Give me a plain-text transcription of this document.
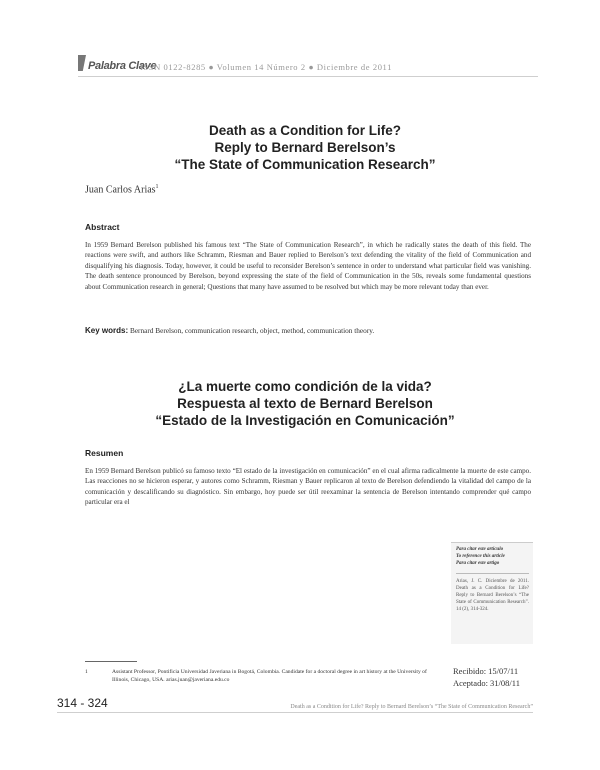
Palabra Clave
ISSN 0122-8285 ● Volumen 14 Número 2 ● Diciembre de 2011
Death as a Condition for Life?
Reply to Bernard Berelson’s
“The State of Communication Research”
Juan Carlos Arias$^1$
Abstract
In 1959 Bernard Berelson published his famous text “The State of Communication Research”, in which he radically states the death of this field. The reactions were swift, and authors like Schramm, Riesman and Bauer replied to Berelson’s text defending the vitality of the field of Communication and disqualifying his diagnosis. Today, however, it could be useful to reconsider Berelson’s sentence in order to understand what particular field was vanishing. The death sentence pronounced by Berelson, beyond expressing the state of the field of Communication in the 50s, reveals some fundamental questions about Communication research in general; Questions that many have assumed to be resolved but which may be more relevant today than ever.
Key words: Bernard Berelson, communication research, object, method, communication theory.
¿La muerte como condición de la vida?
Respuesta al texto de Bernard Berelson
“Estado de la Investigación en Comunicación”
Resumen
En 1959 Bernard Berelson publicó su famoso texto “El estado de la investigación en comunicación” en el cual afirma radicalmente la muerte de este campo. Las reacciones no se hicieron esperar, y autores como Schramm, Riesman y Bauer replicaron al texto de Berelson defendiendo la vitalidad del campo de la comunicación y descalificando su diagnóstico. Sin embargo, hoy puede ser útil reexaminar la sentencia de Berelson intentando comprender qué campo particular era el
Para citar este artículo
To reference this article
Para citar este artigo
Arias, J. C. Diciembre de 2011. Death as a Condition for Life? Reply to Bernard Berelson’s “The State of Communication Research”. 14 (2), 314-324.
1	Assistant Professor, Pontificia Universidad Javeriana in Bogotá, Colombia. Candidate for a doctoral degree in art history at the University of Illinois, Chicago, USA. arias.juan@javeriana.edu.co
Recibido: 15/07/11
Aceptado: 31/08/11
314 - 324	Death as a Condition for Life? Reply to Bernard Berelson’s “The State of Communication Research”
